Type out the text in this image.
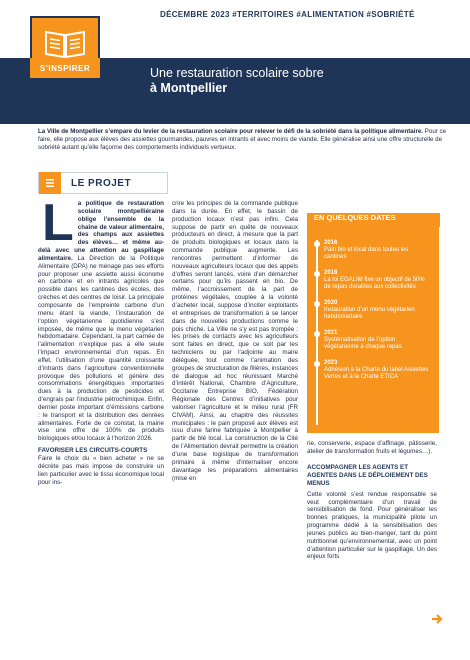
DÉCEMBRE 2023 #TERRITOIRES #ALIMENTATION #SOBRIÉTÉ
S’INSPIRER	Une restauration scolaire sobre
à Montpellier
La Ville de Montpellier s’empare du levier de la restauration scolaire pour relever le défi de la sobriété dans la politique alimentaire. Pour ce faire, elle propose aux élèves des assiettes gourmandes, pauvres en intrants et avec moins de viande. Elle généralise ainsi une offre structurelle de sobriété autant qu’elle façonne des comportements individuels vertueux.
LE PROJET
La politique de restauration scolaire montpelliéraine oblige l’ensemble de la chaîne de valeur alimentaire, des champs aux assiettes des élèves… et même au-delà avec une attention au gaspillage alimentaire. La Direction de la Politique Alimentaire (DPA) ne ménage pas ses efforts pour proposer une assiette aussi économe en carbone et en intrants agricoles que possible dans les cantines des écoles, des crèches et des centres de loisir. La principale composante de l’empreinte carbone d’un menu étant la viande, l’instauration de l’option végétarienne quotidienne s’est imposée, de même que le menu végétarien hebdomadaire. Cependant, la part carnée de l’alimentation n’explique pas à elle seule l’impact environnemental d’un repas. En effet, l’utilisation d’une quantité croissante d’intrants dans l’agriculture conventionnelle provoque des pollutions et génère des consommations énergétiques importantes dues à la production de pesticides et d’engrais par l’industrie pétrochimique. Enfin, dernier poste important d’émissions carbone : le transport et la distribution des denrées alimentaires. Forte de ce constat, la mairie vise une offre de 100% de produits biologiques et/ou locaux à l’horizon 2026.
FAVORISER LES CIRCUITS-COURTS
Faire le choix du « bien acheter » ne se décrète pas mais impose de construire un lien particulier avec le tissu économique local pour ins-
crire les principes de la commande publique dans la durée. En effet, le bassin de production locaux n’est pas infini. Cela suppose de partir en quête de nouveaux producteurs en direct, à mesure que la part de produits biologiques et locaux dans la commande publique augmente. Les rencontres permettent d’informer de nouveaux agriculteurs locaux que des appels d’offres seront lancés, voire d’en démarcher certains pour qu’ils passent en bio. De même, l’accroissement de la part de protéines végétales, couplée à la volonté d’acheter local, suppose d’inciter exploitants et entreprises de transformation à se lancer dans de nouvelles productions comme le pois chiche. La Ville ne s’y est pas trompée : les prises de contacts avec les agriculteurs sont faites en direct, que ce soit par les techniciens ou par l’adjointe au maire déléguée, tout comme l’animation des groupes de structuration de filières, instances de dialogue ad hoc réunissant Marché d’intérêt National, Chambre d’Agriculture, Occitanie Entreprise BIO, Fédération Régionale des Centres d’initiatives pour valoriser l’agriculture et le milieu rural (FR CIVAM). Ainsi, au chapitre des réussites municipales : le pain proposé aux élèves est issu d’une farine fabriquée à Montpellier à partir de blé local. La construction de la Cité de l’Alimentation devrait permettre la création d’une base logistique de transformation primaire à même d’internaliser encore davantage les préparations alimentaires (mise en
EN QUELQUES DATES
2016
Pain bio et local dans toutes les cantines
2018
La loi EGALIM fixe un objectif de 50% de repas durables aux collectivités
2020
Instauration d’un menu végétarien hebdomadaire
2021
Systématisation de l’option végétarienne à chaque repas
2023
Adhésion à la Charte du label Assiettes Vertes et à la Charte ETICA
rie, conserverie, espace d’affinage, pâtisserie, atelier de transformation fruits et légumes…).
ACCOMPAGNER LES AGENTS ET AGENTES DANS LE DÉPLOIEMENT DES MENUS
Cette volonté s’est rendue responsable se veut complémentaire d’un travail de sensibilisation de fond. Pour généraliser les bonnes pratiques, la municipalité pilote un programme dédié à la sensibilisation des jeunes publics au bien-manger, tant du point nutritionnel qu’environnemental, avec un point d’attention particulier sur le gaspillage. Un des enjeux forts
